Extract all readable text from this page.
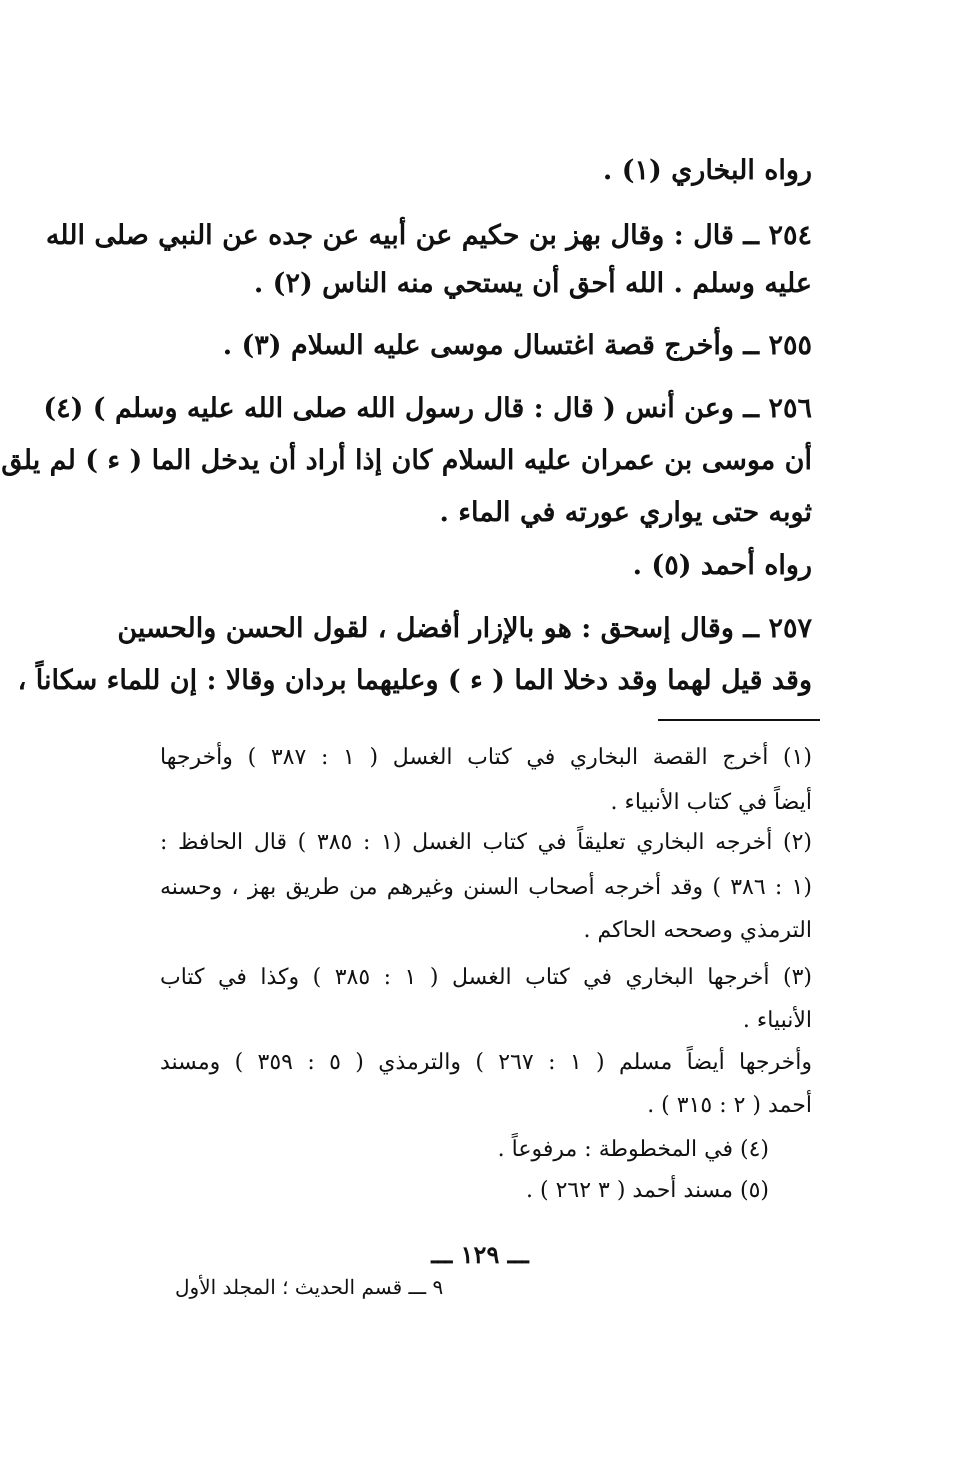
رواه البخاري (١) .
٢٥٤ ــ قال : وقال بهز بن حكيم عن أبيه عن جده عن النبي صلى الله
عليه وسلم . الله أحق أن يستحي منه الناس (٢) .
٢٥٥ ــ وأخرج قصة اغتسال موسى عليه السلام (٣) .
٢٥٦ ــ وعن أنس ( قال : قال رسول الله صلى الله عليه وسلم ) (٤)
أن موسى بن عمران عليه السلام كان إذا أراد أن يدخل الما ( ء ) لم يلق
ثوبه حتى يواري عورته في الماء .
رواه أحمد (٥) .
٢٥٧ ــ وقال إسحق : هو بالإزار أفضل ، لقول الحسن والحسين
وقد قيل لهما وقد دخلا الما ( ء ) وعليهما بردان وقالا : إن للماء سكاناً ،
(١) أخرج القصة البخاري في كتاب الغسل ( ١ : ٣٨٧ ) وأخرجها
أيضاً في كتاب الأنبياء .
(٢) أخرجه البخاري تعليقاً في كتاب الغسل (١ : ٣٨٥ ) قال الحافظ :
(١ : ٣٨٦ ) وقد أخرجه أصحاب السنن وغيرهم من طريق بهز ، وحسنه
الترمذي وصححه الحاكم .
(٣) أخرجها البخاري في كتاب الغسل ( ١ : ٣٨٥ ) وكذا في كتاب
الأنبياء .
وأخرجها أيضاً مسلم ( ١ : ٢٦٧ ) والترمذي ( ٥ : ٣٥٩ ) ومسند
أحمد ( ٢ : ٣١٥ ) .
(٤) في المخطوطة : مرفوعاً .
(٥) مسند أحمد ( ٣ ٢٦٢ ) .
ـــ ١٢٩ ـــ
٩ ـــ قسم الحديث ؛ المجلد الأول
